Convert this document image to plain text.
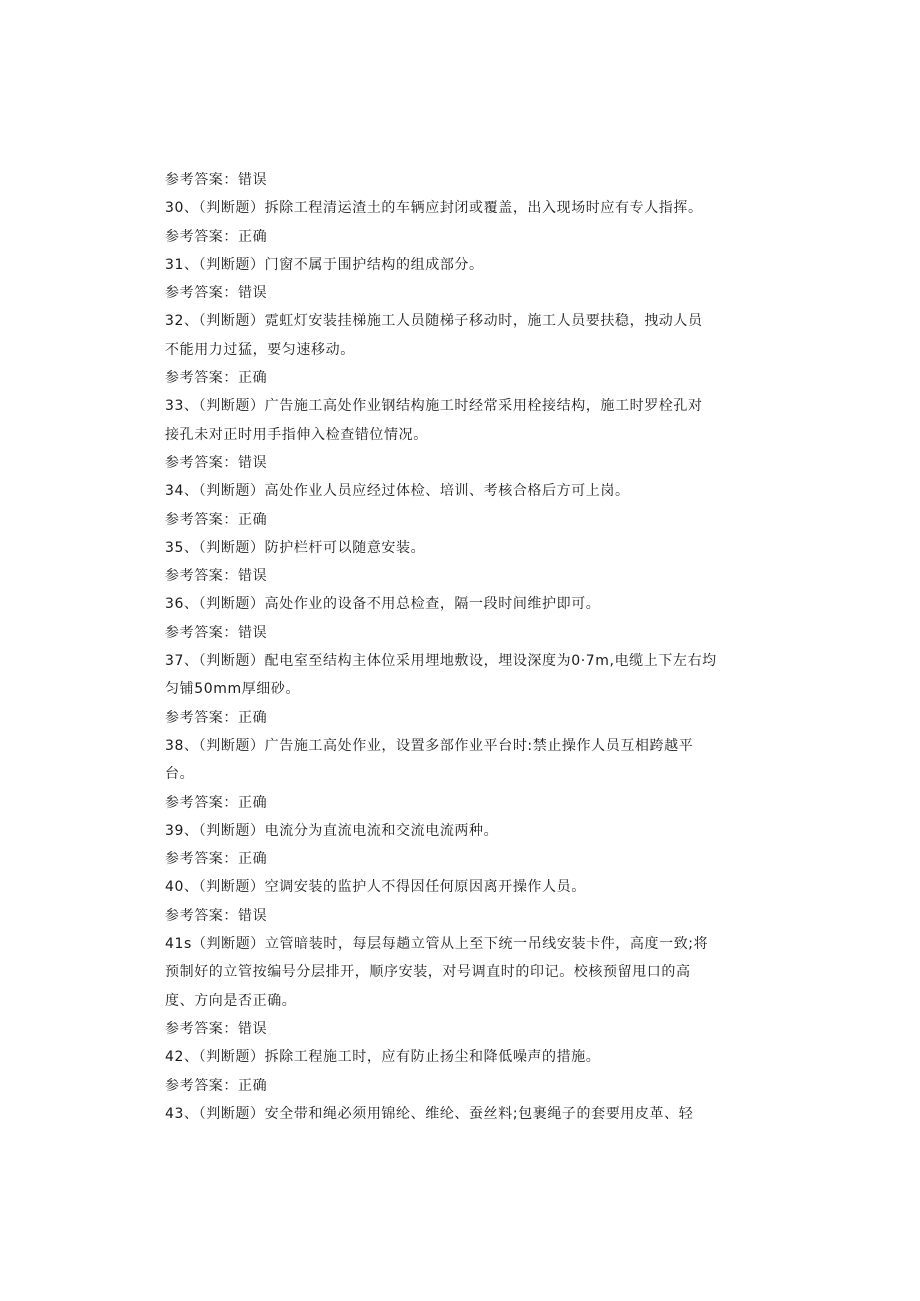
参考答案：错误
30、（判断题）拆除工程清运渣土的车辆应封闭或覆盖，出入现场时应有专人指挥。
参考答案：正确
31、（判断题）门窗不属于围护结构的组成部分。
参考答案：错误
32、（判断题）霓虹灯安装挂梯施工人员随梯子移动时，施工人员要扶稳，拽动人员
不能用力过猛，要匀速移动。
参考答案：正确
33、（判断题）广告施工高处作业钢结构施工时经常采用栓接结构，施工时罗栓孔对
接孔未对正时用手指伸入检查错位情况。
参考答案：错误
34、（判断题）高处作业人员应经过体检、培训、考核合格后方可上岗。
参考答案：正确
35、（判断题）防护栏杆可以随意安装。
参考答案：错误
36、（判断题）高处作业的设备不用总检查，隔一段时间维护即可。
参考答案：错误
37、（判断题）配电室至结构主体位采用埋地敷设，埋设深度为0·7m,电缆上下左右均
匀铺50mm厚细砂。
参考答案：正确
38、（判断题）广告施工高处作业，设置多部作业平台时:禁止操作人员互相跨越平
台。
参考答案：正确
39、（判断题）电流分为直流电流和交流电流两种。
参考答案：正确
40、（判断题）空调安装的监护人不得因任何原因离开操作人员。
参考答案：错误
41s（判断题）立管暗装时，每层每趟立管从上至下统一吊线安装卡件，高度一致;将
预制好的立管按编号分层排开，顺序安装，对号调直时的印记。校核预留甩口的高
度、方向是否正确。
参考答案：错误
42、（判断题）拆除工程施工时，应有防止扬尘和降低噪声的措施。
参考答案：正确
43、（判断题）安全带和绳必须用锦纶、维纶、蚕丝料;包裹绳子的套要用皮革、轻
